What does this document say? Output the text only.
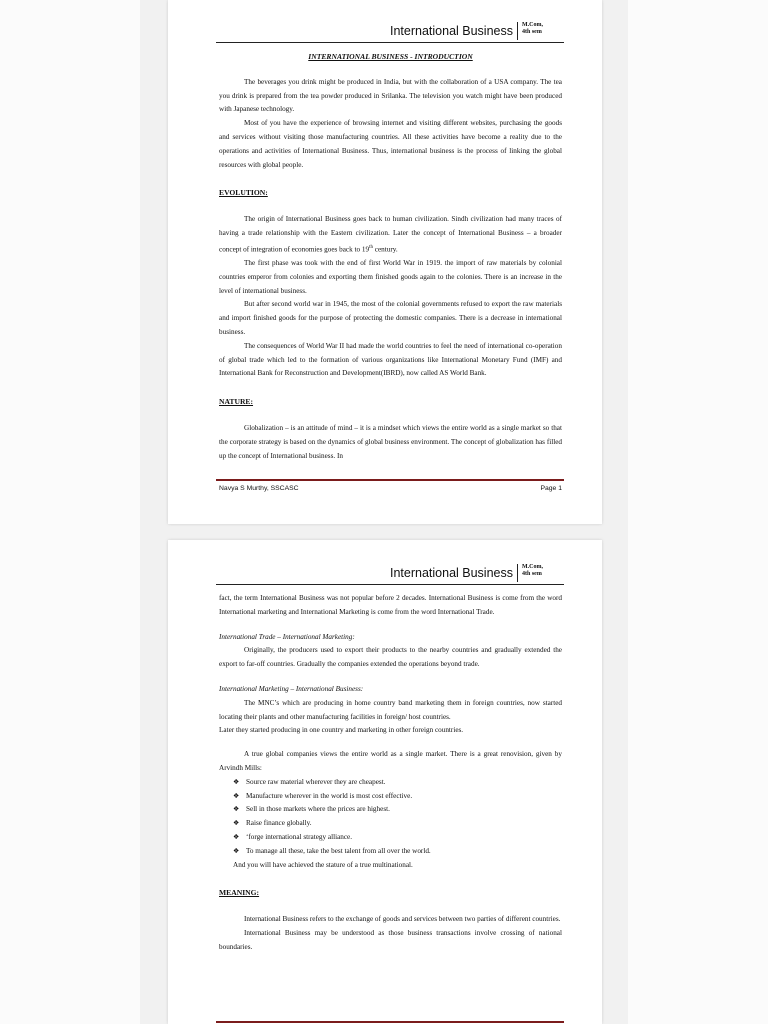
International Business	M.Com,
4th sem

INTERNATIONAL BUSINESS - INTRODUCTION

The beverages you drink might be produced in India, but with the collaboration of a USA company. The tea you drink is prepared from the tea powder produced in Srilanka. The television you watch might have been produced with Japanese technology.

Most of you have the experience of browsing internet and visiting different websites, purchasing the goods and services without visiting those manufacturing countries. All these activities have become a reality due to the operations and activities of International Business. Thus, international business is the process of linking the global resources with global people.

EVOLUTION:

The origin of International Business goes back to human civilization. Sindh civilization had many traces of having a trade relationship with the Eastern civilization. Later the concept of International Business – a broader concept of integration of economies goes back to 19th century.

The first phase was took with the end of first World War in 1919. the import of raw materials by colonial countries emperor from colonies and exporting them finished goods again to the colonies. There is an increase in the level of international business.

But after second world war in 1945, the most of the colonial governments refused to export the raw materials and import finished goods for the purpose of protecting the domestic companies. There is a decrease in international business.

The consequences of World War II had made the world countries to feel the need of international co-operation of global trade which led to the formation of various organizations like International Monetary Fund (IMF) and International Bank for Reconstruction and Development(IBRD), now called AS World Bank.

NATURE:

Globalization – is an attitude of mind – it is a mindset which views the entire world as a single market so that the corporate strategy is based on the dynamics of global business environment. The concept of globalization has filled up the concept of International business. In

Navya S Murthy, SSCASC	Page 1
International Business	M.Com,
4th sem

fact, the term International Business was not popular before 2 decades. International Business is come from the word International marketing and International Marketing is come from the word International Trade.

International Trade – International Marketing:

Originally, the producers used to export their products to the nearby countries and gradually extended the export to far-off countries. Gradually the companies extended the operations beyond trade.

International Marketing – International Business:

The MNC’s which are producing in home country band marketing them in foreign countries, now started locating their plants and other manufacturing facilities in foreign/ host countries.

Later they started producing in one country and marketing in other foreign countries.

A true global companies views the entire world as a single market. There is a great renovision, given by Arvindh Mills:

❖ Source raw material wherever they are cheapest.
❖ Manufacture wherever in the world is most cost effective.
❖ Sell in those markets where the prices are highest.
❖ Raise finance globally.
❖ ‘forge international strategy alliance.
❖ To manage all these, take the best talent from all over the world.

And you will have achieved the stature of a true multinational.

MEANING:

International Business refers to the exchange of goods and services between two parties of different countries.

International Business may be understood as those business transactions involve crossing of national boundaries.
